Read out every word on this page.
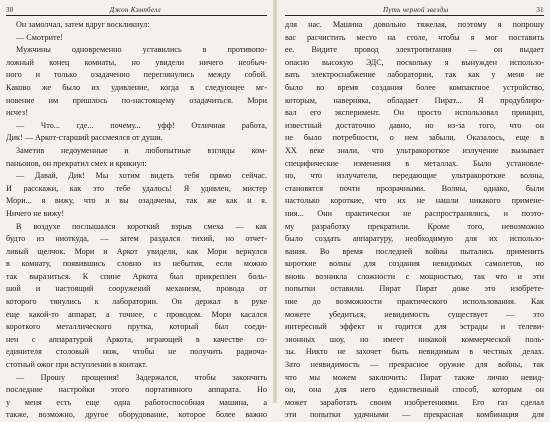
30	Джон Кэмпбелл
Он замолчал, затем вдруг воскликнул:
— Смотрите!
Мужчины одновременно уставились в противопо-
ложный конец комнаты, но увидели ничего необыч-
ного и только озадаченно переглянулись между собой.
Каково же было их удивление, когда в следующее мг-
новение им пришлось по-настоящему озадачиться. Мори
исчез!
— Что... где... почему... уфф! Отличная работа,
Дик! — Аркот-старший рассмеялся от души.
Заметив недоуменные и любопытные взгляды ком-
паньонов, он прекратил смех и крикнул:
— Давай, Дик! Мы хотим видеть тебя прямо сейчас.
И расскажи, как это тебе удалось! Я удивлен, мистер
Мори... я вижу, что и вы озадачены, так же как и я.
Ничего не вижу!
В воздухе послышался короткий взрыв смеха — как
будто из ниоткуда, — затем раздался тихий, но отчет-
ливый щелчок. Мори и Аркот увидели, как Мори вернулся
в комнату, появившись словно из небытия, если можно
так выразиться. К спине Аркота был прикреплен боль-
шой и настоящий сооружений механизм, провода от
которого тянулись к лаборатории. Он держал в руке
еще какой-то аппарат, а точнее, с проводом. Мори касался
короткого металлического прутка, который был соеди-
нен с аппаратурой Аркота, играющей в качестве со-
единителя столовый нож, чтобы не получить радиоча-
стотный ожог при вступлении в контакт.
— Прошу прощения! Задержался, чтобы закончить
последние настройки этого портативного аппарата. Но
у меня есть еще одна работоспособная машина, а
также, возможно, другое оборудование, которое более важно
Путь черной звезды	31
для нас. Машина довольно тяжелая, поэтому я попрошу
вас расчистить место на столе, чтобы я мог поставить
ее. Видите провод электропитания — он выдает
опасно высокую ЭДС, поскольку я вынужден использо-
вать электроснабжение лаборатории, так как у меня не
было во время создания более компактное устройство,
которым, наверняка, обладает Пират... Я продублиро-
вал его эксперимент. Он просто использовал принцип,
известный достаточно давно, но из-за того, что он
не было потребности, о нем забыли. Оказалось, еще в
XX веке знали, что ультракороткое излучение вызывает
специфические изменения в металлах. Было установле-
но, что излучатели, передающие ультракороткие волны,
становятся почти прозрачными. Волны, однако, были
настолько короткие, что их не нашли никакого примене-
ния... Они практически не распространялись, и поэто-
му разработку прекратили. Кроме того, невозможно
было создать аппаратуру, необходимую для их использо-
вания. Во время последней войны пытались применить
короткие волны для создания невидимых самолетов, но
вновь возникла сложности с мощностью, так что и эти
попытки оставили. Пират Пират доже это изобрете-
ние до возможности практического использования. Как
можете убедиться, невидимость существует — это
интересный эффект и годится для эстрады и телеви-
зионных шоу, но имеет никакой коммерческой поль-
зы. Никто не захочет быть невидимым в честных делах.
Зато неявидимость — прекрасное оружие для войны, так
что мы можем заключить: Пират также лично невид-
он, она для него единственный способ, которым он
может заработать своим изобретениями. Его газ сделал
эти попытки удачными — прекрасная комбинация для
